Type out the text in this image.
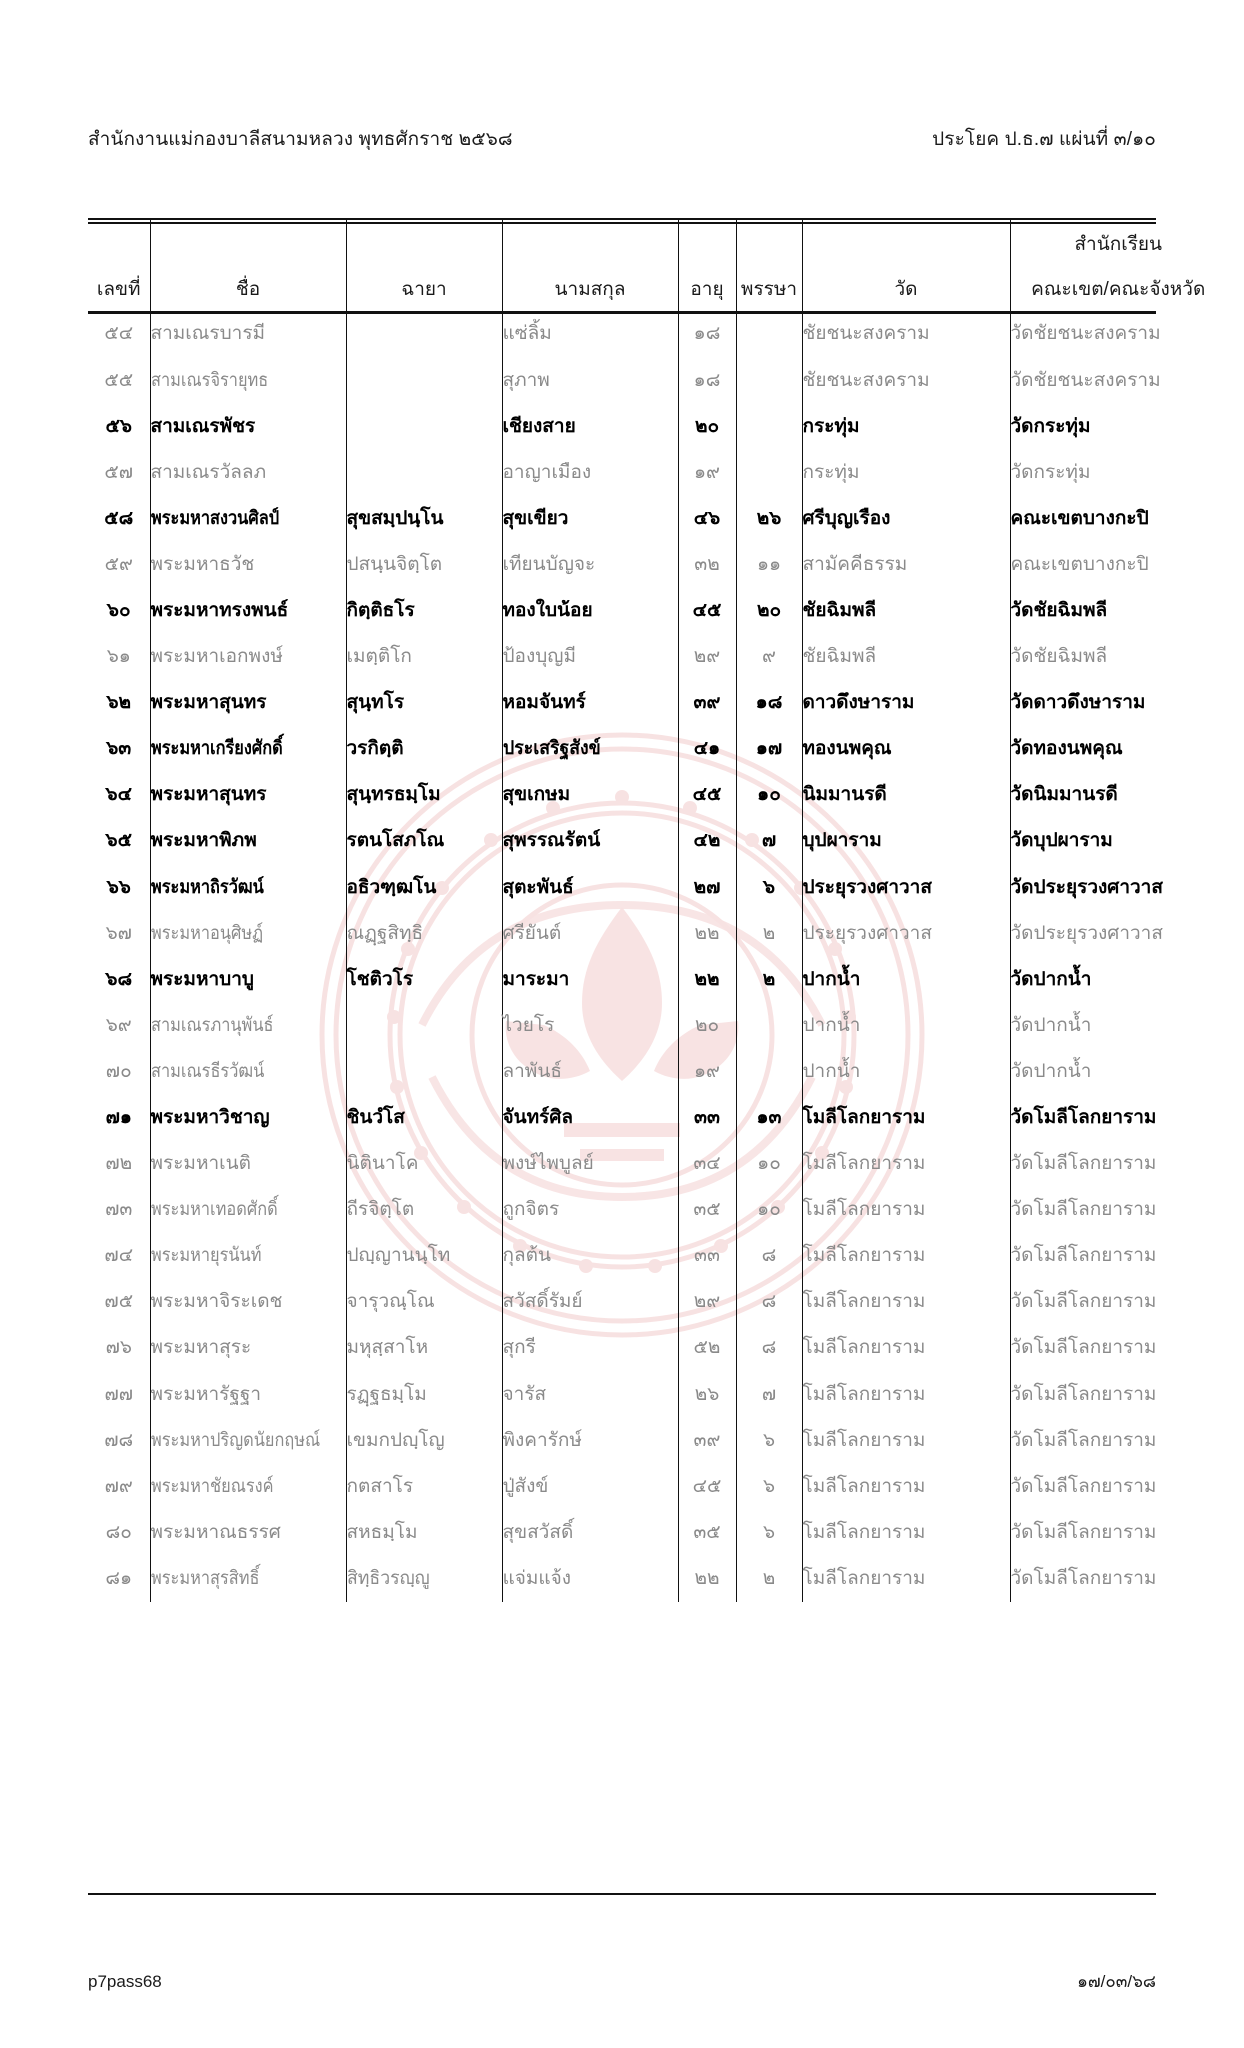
สำนักงานแม่กองบาลีสนามหลวง พุทธศักราช ๒๕๖๘	ประโยค ป.ธ.๗ แผ่นที่ ๓/๑๐
เลขที่	ชื่อ	ฉายา	นามสกุล	อายุ	พรรษา	วัด	สำนักเรียน
คณะเขต/คณะจังหวัด

๕๔	สามเณรบารมี		แซ่ลิ้ม	๑๘		ชัยชนะสงคราม	วัดชัยชนะสงคราม
๕๕	สามเณรจิรายุทธ		สุภาพ	๑๘		ชัยชนะสงคราม	วัดชัยชนะสงคราม
๕๖	สามเณรพัชร		เชียงสาย	๒๐		กระทุ่ม	วัดกระทุ่ม
๕๗	สามเณรวัลลภ		อาญาเมือง	๑๙		กระทุ่ม	วัดกระทุ่ม
๕๘	พระมหาสงวนศิลป์	สุขสมฺปนฺโน	สุขเขียว	๔๖	๒๖	ศรีบุญเรือง	คณะเขตบางกะปิ
๕๙	พระมหาธวัช	ปสนฺนจิตฺโต	เทียนบัญจะ	๓๒	๑๑	สามัคคีธรรม	คณะเขตบางกะปิ
๖๐	พระมหาทรงพนธ์	กิตฺติธโร	ทองใบน้อย	๔๕	๒๐	ชัยฉิมพลี	วัดชัยฉิมพลี
๖๑	พระมหาเอกพงษ์	เมตฺติโก	ป้องบุญมี	๒๙	๙	ชัยฉิมพลี	วัดชัยฉิมพลี
๖๒	พระมหาสุนทร	สุนฺทโร	หอมจันทร์	๓๙	๑๘	ดาวดึงษาราม	วัดดาวดึงษาราม
๖๓	พระมหาเกรียงศักดิ์	วรกิตฺติ	ประเสริฐสังข์	๔๑	๑๗	ทองนพคุณ	วัดทองนพคุณ
๖๔	พระมหาสุนทร	สุนฺทรธมฺโม	สุขเกษม	๔๕	๑๐	นิมมานรดี	วัดนิมมานรดี
๖๕	พระมหาพิภพ	รตนโสภโณ	สุพรรณรัตน์	๔๒	๗	บุปผาราม	วัดบุปผาราม
๖๖	พระมหาถิรวัฒน์	อธิวฑฺฒโน	สุตะพันธ์	๒๗	๖	ประยุรวงศาวาส	วัดประยุรวงศาวาส
๖๗	พระมหาอนุศิษฏ์	ณฏฺฐสิทฺธิ	ศรียันต์	๒๒	๒	ประยุรวงศาวาส	วัดประยุรวงศาวาส
๖๘	พระมหาบาบู	โชติวโร	มาระมา	๒๒	๒	ปากน้ำ	วัดปากน้ำ
๖๙	สามเณรภานุพันธ์		ไวยโร	๒๐		ปากน้ำ	วัดปากน้ำ
๗๐	สามเณรธีรวัฒน์		ลาพันธ์	๑๙		ปากน้ำ	วัดปากน้ำ
๗๑	พระมหาวิชาญ	ชินวํโส	จันทร์ศิล	๓๓	๑๓	โมลีโลกยาราม	วัดโมลีโลกยาราม
๗๒	พระมหาเนติ	นิตินาโค	พงษ์ไพบูลย์	๓๔	๑๐	โมลีโลกยาราม	วัดโมลีโลกยาราม
๗๓	พระมหาเทอดศักดิ์	ถีรจิตฺโต	ถูกจิตร	๓๕	๑๐	โมลีโลกยาราม	วัดโมลีโลกยาราม
๗๔	พระมหายุรนันท์	ปญฺญานนฺโท	กุลต้น	๓๓	๘	โมลีโลกยาราม	วัดโมลีโลกยาราม
๗๕	พระมหาจิระเดช	จารุวณฺโณ	สวัสดิ์รัมย์	๒๙	๘	โมลีโลกยาราม	วัดโมลีโลกยาราม
๗๖	พระมหาสุระ	มหุสฺสาโห	สุกรี	๕๒	๘	โมลีโลกยาราม	วัดโมลีโลกยาราม
๗๗	พระมหารัฐฐา	รฏฺฐธมฺโม	จารัส	๒๖	๗	โมลีโลกยาราม	วัดโมลีโลกยาราม
๗๘	พระมหาปริญดนัยกฤษณ์	เขมกปญฺโญ	พิงคารักษ์	๓๙	๖	โมลีโลกยาราม	วัดโมลีโลกยาราม
๗๙	พระมหาชัยณรงค์	กตสาโร	ปู่สังข์	๔๕	๖	โมลีโลกยาราม	วัดโมลีโลกยาราม
๘๐	พระมหาณธรรศ	สหธมฺโม	สุขสวัสดิ์	๓๕	๖	โมลีโลกยาราม	วัดโมลีโลกยาราม
๘๑	พระมหาสุรสิทธิ์	สิทฺธิวรญฺญู	แจ่มแจ้ง	๒๒	๒	โมลีโลกยาราม	วัดโมลีโลกยาราม
p7pass68	๑๗/๐๓/๖๘
